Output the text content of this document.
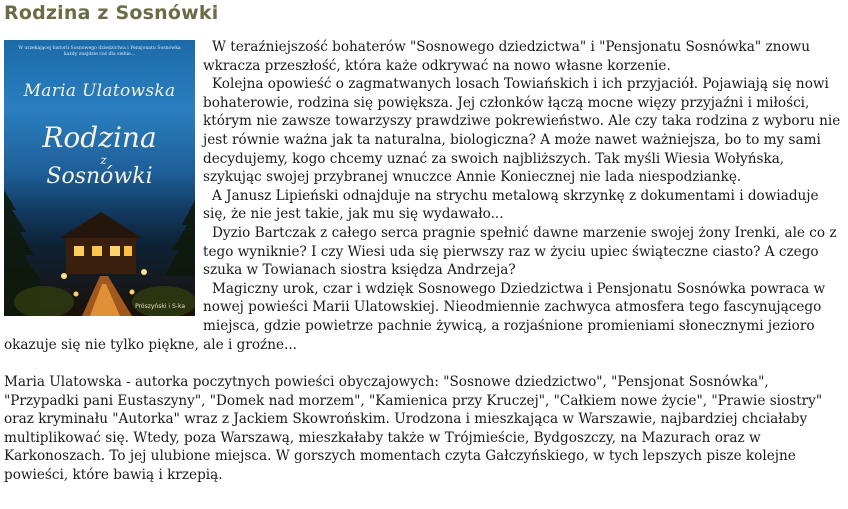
Rodzina z Sosnówki
W urzekającej historii Sosnowego dziedzictwa i Pensjonatu Sosnówka każdy znajdzie coś dla siebie...
Maria Ulatowska
Rodzina
z
Sosnówki
Prószyński i S-ka

W teraźniejszość bohaterów "Sosnowego dziedzictwa" i "Pensjonatu Sosnówka" znowu wkracza przeszłość, która każe odkrywać na nowo własne korzenie.

Kolejna opowieść o zagmatwanych losach Towiańskich i ich przyjaciół. Pojawiają się nowi bohaterowie, rodzina się powiększa. Jej członków łączą mocne więzy przyjaźni i miłości, którym nie zawsze towarzyszy prawdziwe pokrewieństwo. Ale czy taka rodzina z wyboru nie jest równie ważna jak ta naturalna, biologiczna? A może nawet ważniejsza, bo to my sami decydujemy, kogo chcemy uznać za swoich najbliższych. Tak myśli Wiesia Wołyńska, szykując swojej przybranej wnuczce Annie Koniecznej nie lada niespodziankę.

A Janusz Lipieński odnajduje na strychu metalową skrzynkę z dokumentami i dowiaduje się, że nie jest takie, jak mu się wydawało...

Dyzio Bartczak z całego serca pragnie spełnić dawne marzenie swojej żony Irenki, ale co z tego wyniknie? I czy Wiesi uda się pierwszy raz w życiu upiec świąteczne ciasto? A czego szuka w Towianach siostra księdza Andrzeja?

Magiczny urok, czar i wdzięk Sosnowego Dziedzictwa i Pensjonatu Sosnówka powraca w nowej powieści Marii Ulatowskiej. Nieodmiennie zachwyca atmosfera tego fascynującego miejsca, gdzie powietrze pachnie żywicą, a rozjaśnione promieniami słonecznymi jezioro okazuje się nie tylko piękne, ale i groźne...

Maria Ulatowska - autorka poczytnych powieści obyczajowych: "Sosnowe dziedzictwo", "Pensjonat Sosnówka", "Przypadki pani Eustaszyny", "Domek nad morzem", "Kamienica przy Kruczej", "Całkiem nowe życie", "Prawie siostry" oraz kryminału "Autorka" wraz z Jackiem Skowrońskim. Urodzona i mieszkająca w Warszawie, najbardziej chciałaby multiplikować się. Wtedy, poza Warszawą, mieszkałaby także w Trójmieście, Bydgoszczy, na Mazurach oraz w Karkonoszach. To jej ulubione miejsca. W gorszych momentach czyta Gałczyńskiego, w tych lepszych pisze kolejne powieści, które bawią i krzepią.
